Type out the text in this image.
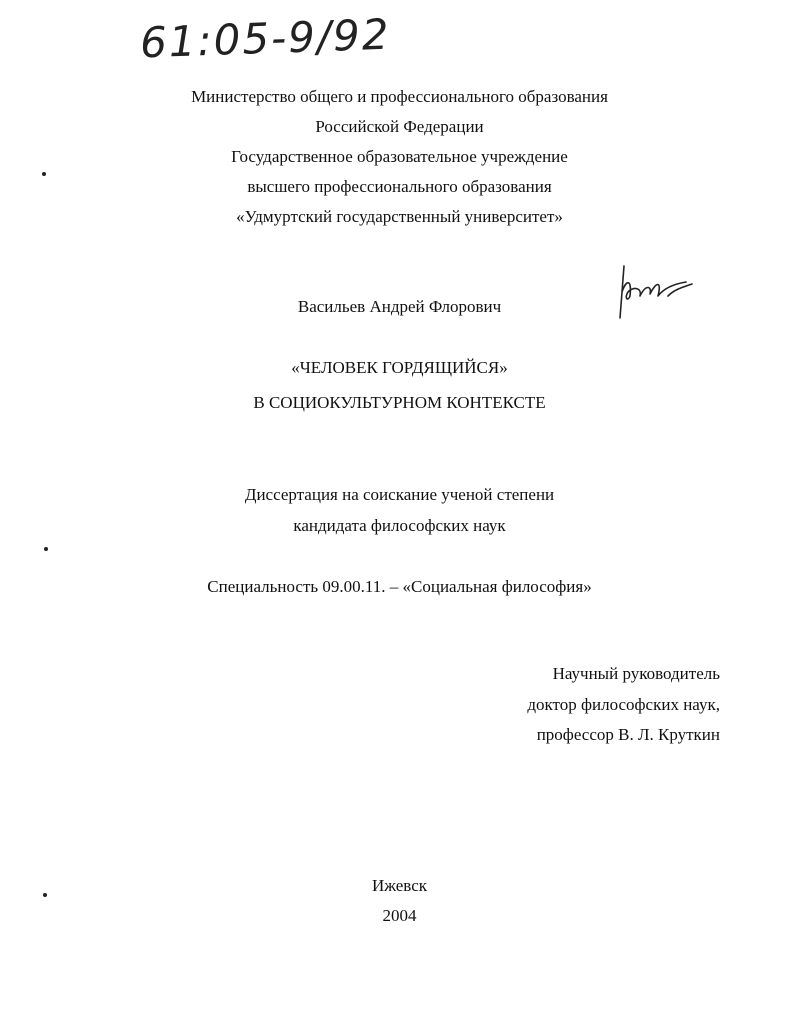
61:05-9/92
Министерство общего и профессионального образования
Российской Федерации
Государственное образовательное учреждение
высшего профессионального образования
«Удмуртский государственный университет»
Васильев Андрей Флорович
«ЧЕЛОВЕК ГОРДЯЩИЙСЯ»
В СОЦИОКУЛЬТУРНОМ КОНТЕКСТЕ
Диссертация на соискание ученой степени
кандидата философских наук
Специальность 09.00.11. – «Социальная философия»
Научный руководитель
доктор философских наук,
профессор В. Л. Круткин
Ижевск
2004
